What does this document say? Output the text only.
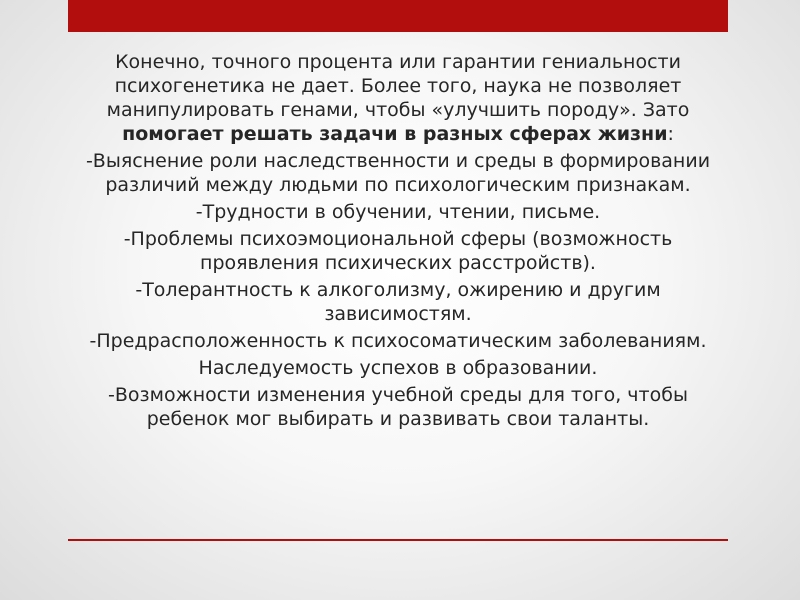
Конечно, точного процента или гарантии гениальности психогенетика не дает. Более того, наука не позволяет манипулировать генами, чтобы «улучшить породу». Зато помогает решать задачи в разных сферах жизни:

-Выяснение роли наследственности и среды в формировании различий между людьми по психологическим признакам.

-Трудности в обучении, чтении, письме.

-Проблемы психоэмоциональной сферы (возможность проявления психических расстройств).

-Толерантность к алкоголизму, ожирению и другим зависимостям.

-Предрасположенность к психосоматическим заболеваниям.

Наследуемость успехов в образовании.

-Возможности изменения учебной среды для того, чтобы ребенок мог выбирать и развивать свои таланты.
